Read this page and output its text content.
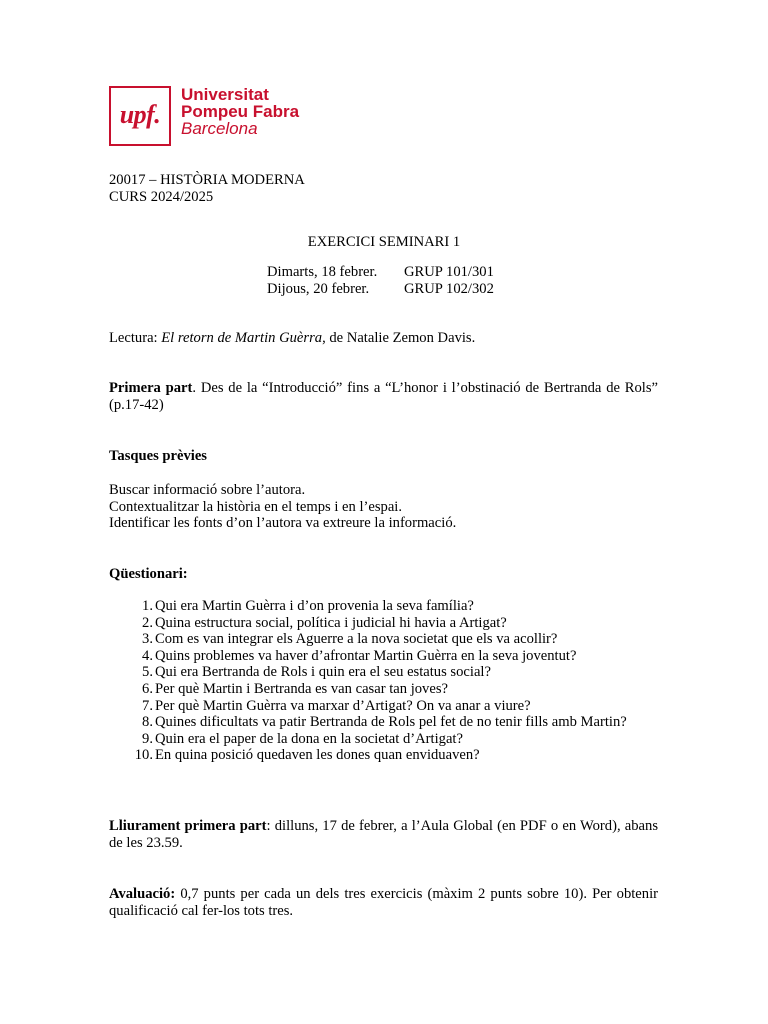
upf.
Universitat
Pompeu Fabra
Barcelona
20017 – HISTÒRIA MODERNA
CURS 2024/2025
EXERCICI SEMINARI 1
Dimarts, 18 febrer.	GRUP 101/301
Dijous, 20 febrer.	GRUP 102/302
Lectura: El retorn de Martin Guèrra, de Natalie Zemon Davis.
Primera part. Des de la “Introducció” fins a “L’honor i l’obstinació de Bertranda de Rols” (p.17-42)
Tasques prèvies
Buscar informació sobre l’autora.
Contextualitzar la història en el temps i en l’espai.
Identificar les fonts d’on l’autora va extreure la informació.
Qüestionari:
1. Qui era Martin Guèrra i d’on provenia la seva família?
2. Quina estructura social, política i judicial hi havia a Artigat?
3. Com es van integrar els Aguerre a la nova societat que els va acollir?
4. Quins problemes va haver d’afrontar Martin Guèrra en la seva joventut?
5. Qui era Bertranda de Rols i quin era el seu estatus social?
6. Per què Martin i Bertranda es van casar tan joves?
7. Per què Martin Guèrra va marxar d’Artigat? On va anar a viure?
8. Quines dificultats va patir Bertranda de Rols pel fet de no tenir fills amb Martin?
9. Quin era el paper de la dona en la societat d’Artigat?
10. En quina posició quedaven les dones quan enviduaven?
Lliurament primera part: dilluns, 17 de febrer, a l’Aula Global (en PDF o en Word), abans de les 23.59.
Avaluació: 0,7 punts per cada un dels tres exercicis (màxim 2 punts sobre 10). Per obtenir qualificació cal fer-los tots tres.
